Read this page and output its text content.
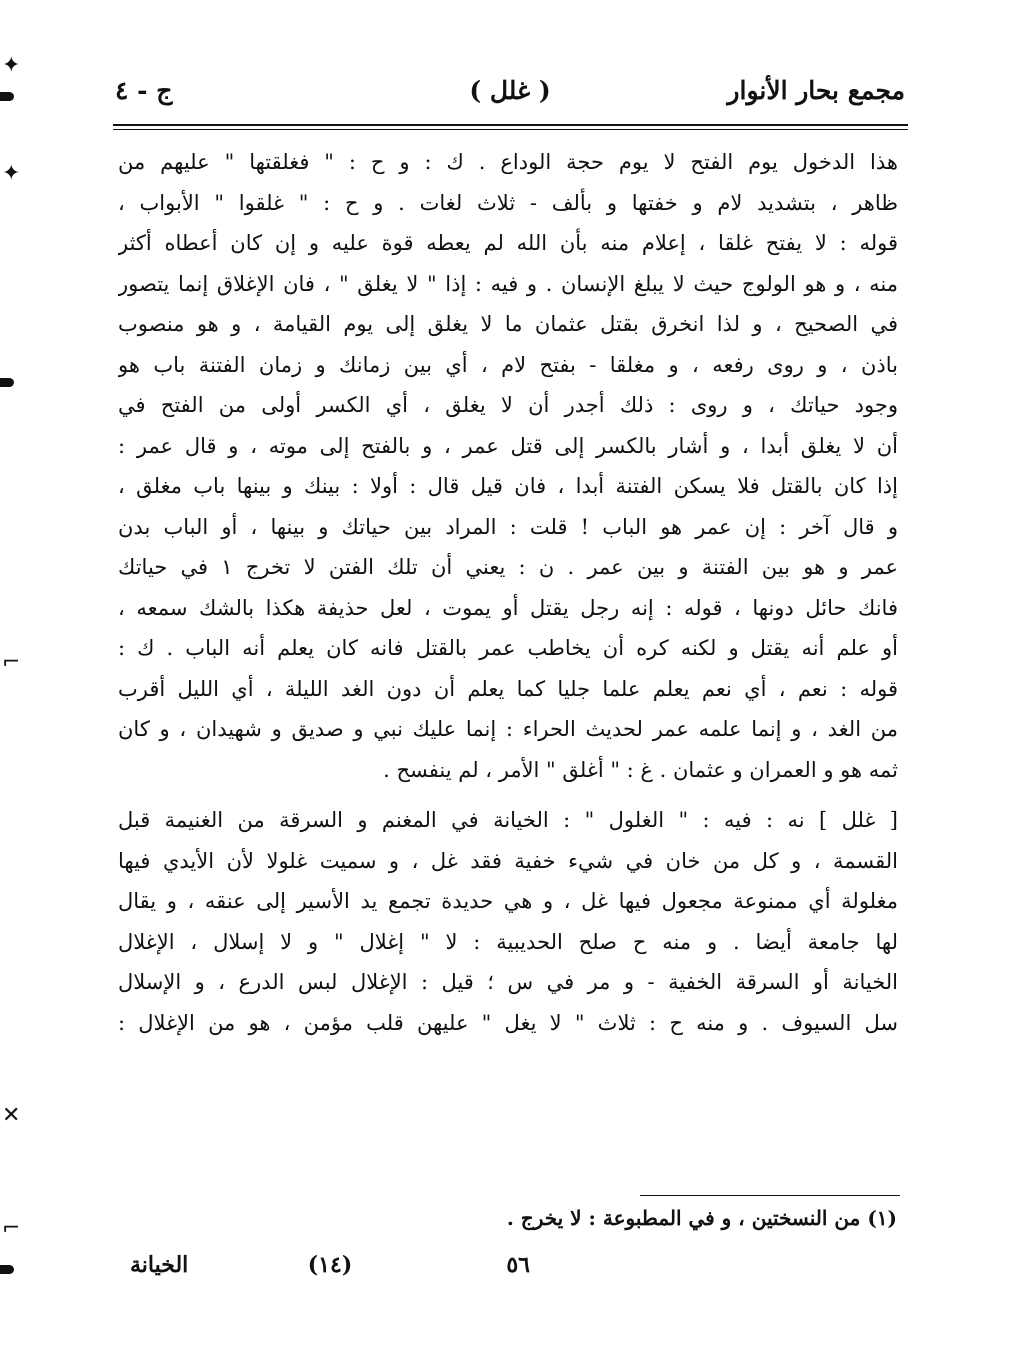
✦
✦
⌐
✕
⌐
مجمع بحار الأنوار
( غلل )
ج - ٤

هذا الدخول يوم الفتح لا يوم حجة الوداع . ك : و ح : " فغلقتها " عليهم من
ظاهر ، بتشديد لام و خفتها و بألف - ثلاث لغات . و ح : " غلقوا " الأبواب ،
قوله : لا يفتح غلقا ، إعلام منه بأن الله لم يعطه قوة عليه و إن كان أعطاه أكثر
منه ، و هو الولوج حيث لا يبلغ الإنسان . و فيه : إذا " لا يغلق " ، فان الإغلاق إنما يتصور
في الصحيح ، و لذا انخرق بقتل عثمان ما لا يغلق إلى يوم القيامة ، و هو منصوب
باذن ، و روى رفعه ، و مغلقا - بفتح لام ، أي بين زمانك و زمان الفتنة باب هو
وجود حياتك ، و روى : ذلك أجدر أن لا يغلق ، أي الكسر أولى من الفتح في
أن لا يغلق أبدا ، و أشار بالكسر إلى قتل عمر ، و بالفتح إلى موته ، و قال عمر :
إذا كان بالقتل فلا يسكن الفتنة أبدا ، فان قيل قال : أولا : بينك و بينها باب مغلق ،
و قال آخر : إن عمر هو الباب ! قلت : المراد بين حياتك و بينها ، أو الباب بدن
عمر و هو بين الفتنة و بين عمر . ن : يعني أن تلك الفتن لا تخرج ١ في حياتك
فانك حائل دونها ، قوله : إنه رجل يقتل أو يموت ، لعل حذيفة هكذا بالشك سمعه ،
أو علم أنه يقتل و لكنه كره أن يخاطب عمر بالقتل فانه كان يعلم أنه الباب . ك :
قوله : نعم ، أي نعم يعلم علما جليا كما يعلم أن دون الغد الليلة ، أي الليل أقرب
من الغد ، و إنما علمه عمر لحديث الحراء : إنما عليك نبي و صديق و شهيدان ، و كان
ثمه هو و العمران و عثمان . غ : " أغلق " الأمر ، لم ينفسح .

[ غلل ] نه : فيه : " الغلول " : الخيانة في المغنم و السرقة من الغنيمة قبل
القسمة ، و كل من خان في شيء خفية فقد غل ، و سميت غلولا لأن الأيدي فيها
مغلولة أي ممنوعة مجعول فيها غل ، و هي حديدة تجمع يد الأسير إلى عنقه ، و يقال
لها جامعة أيضا . و منه ح صلح الحديبية : لا " إغلال " و لا إسلال ، الإغلال
الخيانة أو السرقة الخفية - و مر في س ؛ قيل : الإغلال لبس الدرع ، و الإسلال
سل السيوف . و منه ح : ثلاث " لا يغل " عليهن قلب مؤمن ، هو من الإغلال :

(١) من النسختين ، و في المطبوعة : لا يخرج .
٥٦
(١٤)
الخيانة
